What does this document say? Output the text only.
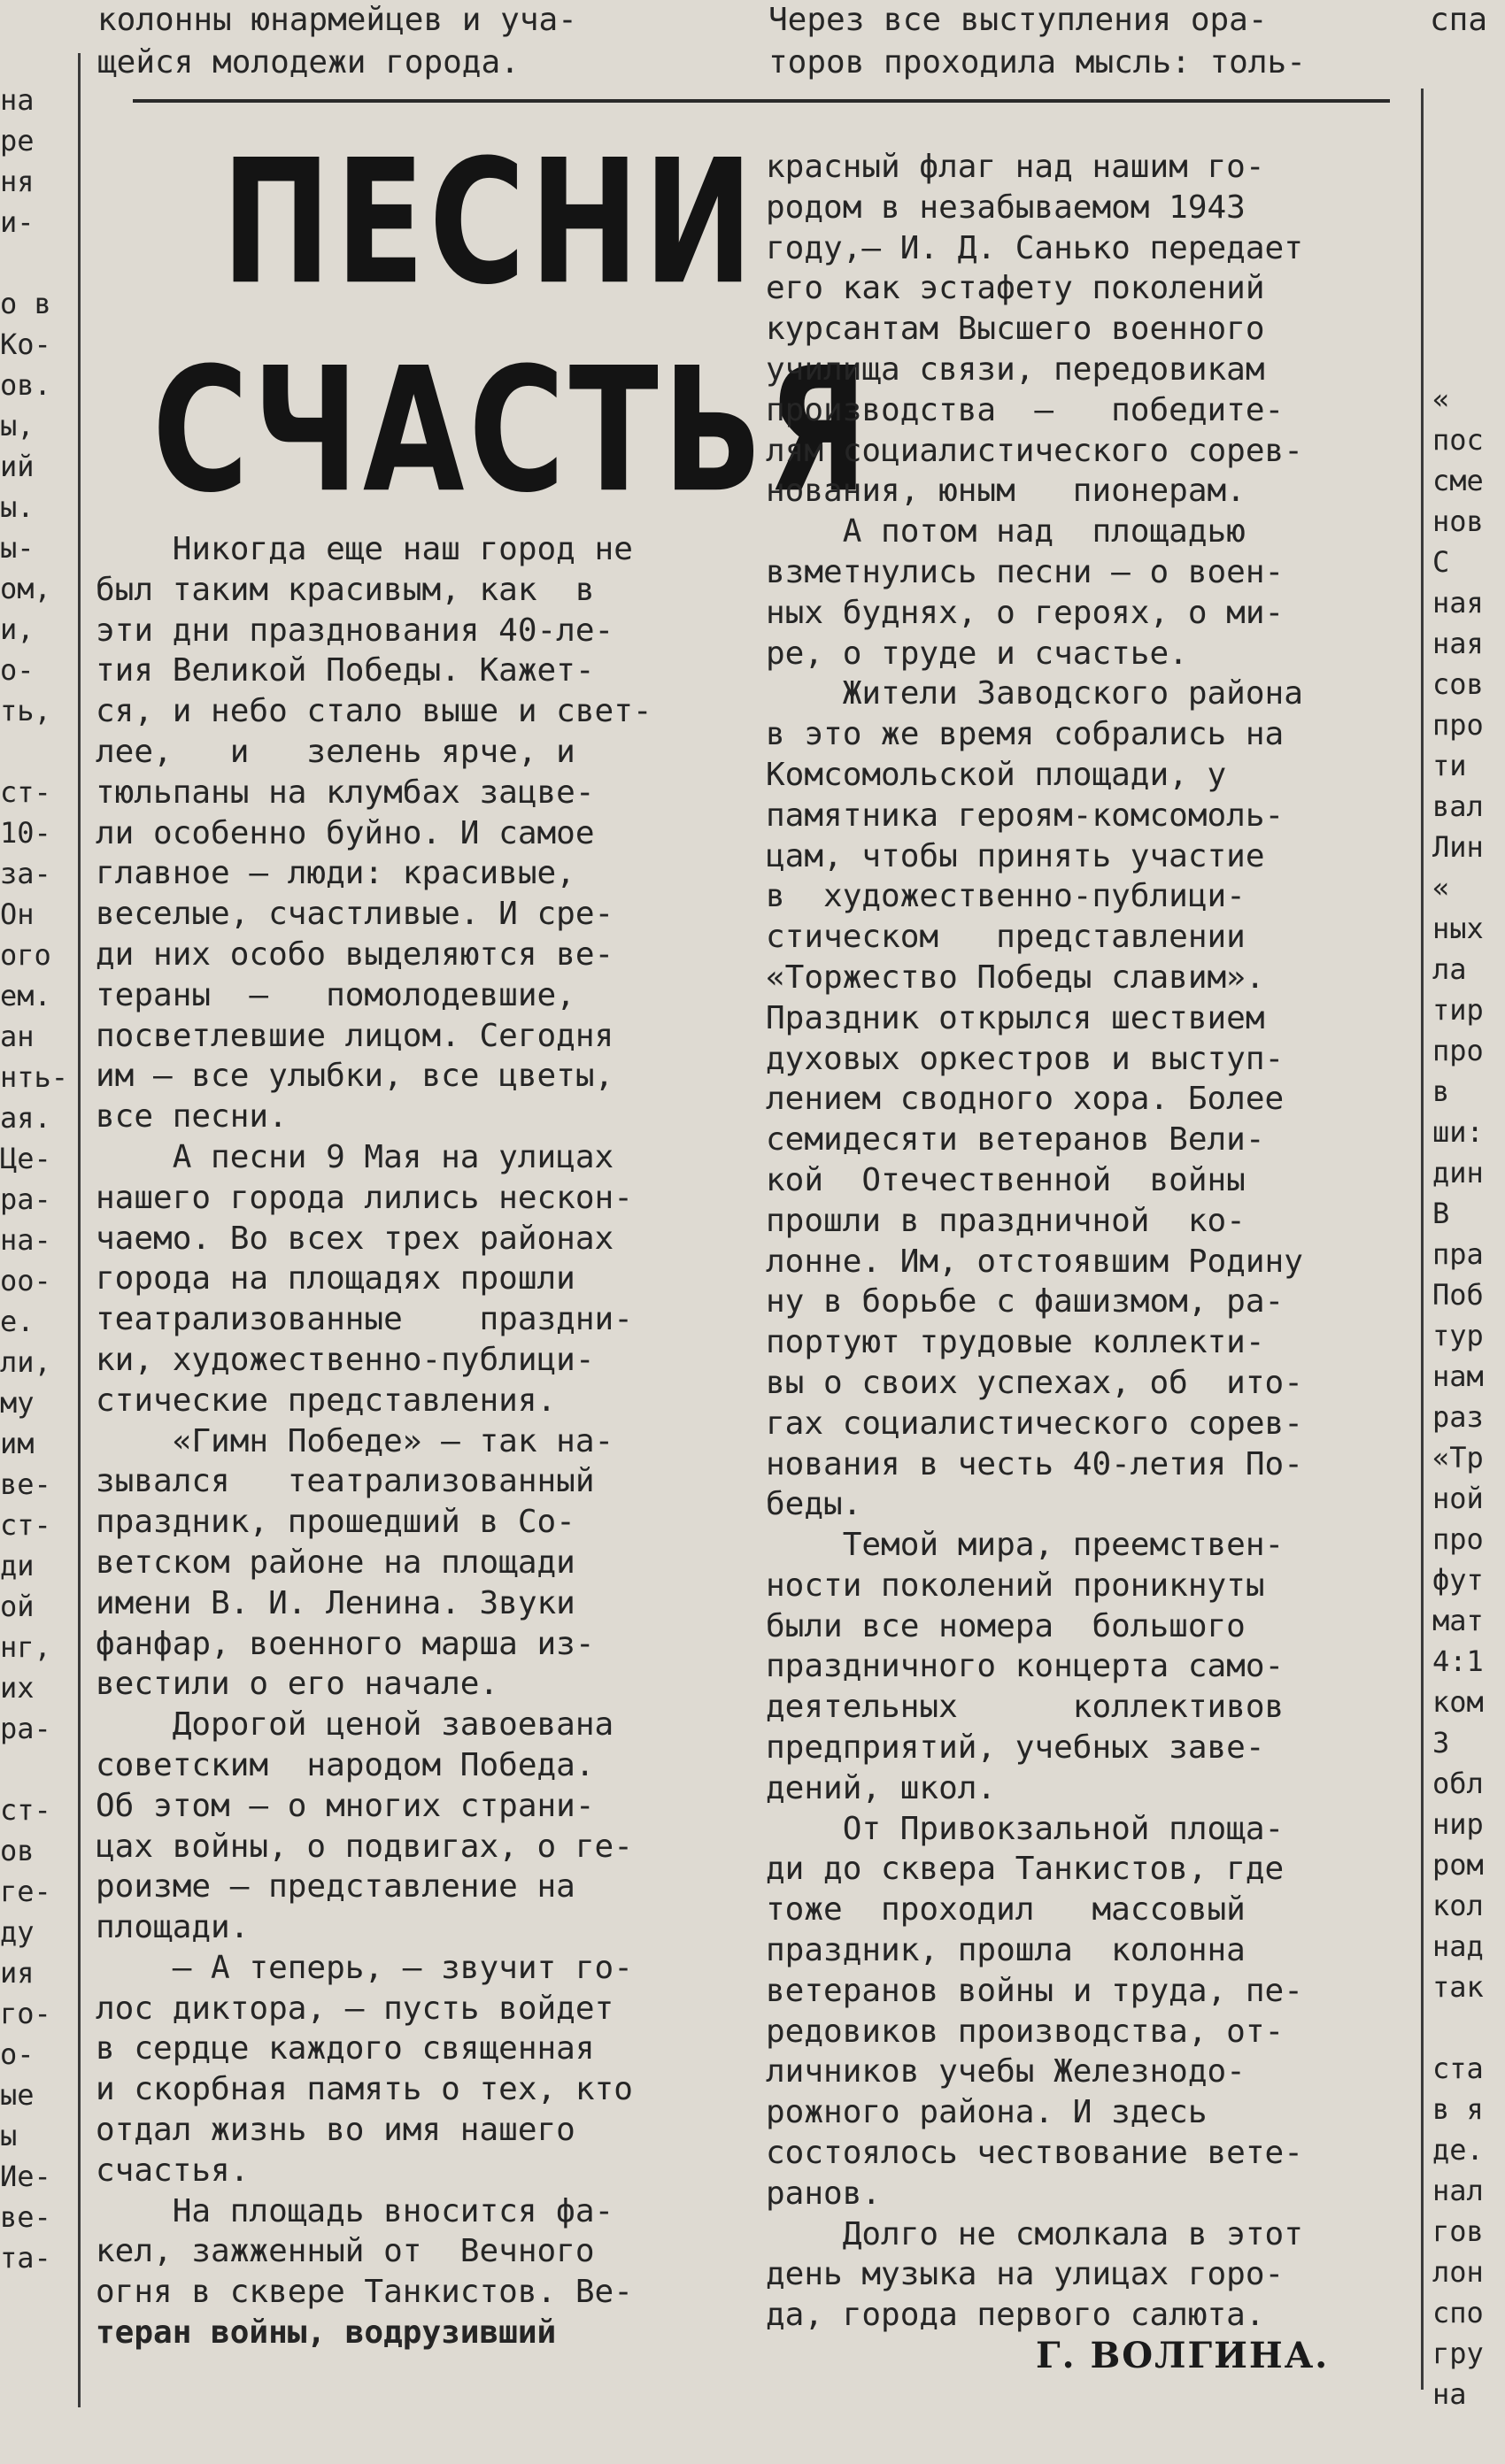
колонны юнармейцев и уча-
щейся молодежи города.
Через все выступления ора-
торов проходила мысль: толь-
спа
на
ре
ня
и-
о в
Ко-
ов.
ы,
ий
ы.
ы-
ом,
и,
о-
ть,
ст-
10-
за-
Он
ого
ем.
ан
нть-
ая.
Це-
ра-
на-
оо-
е.
ли,
му
им
ве-
ст-
ди
ой
нг,
их
ра-
ст-
ов
ге-
ду
ия
го-
о-
ые
ы
Ие-
ве-
та-
«
пос
сме
нов
С
ная
ная
сов
про
ти
вал
Лин
«
ных
ла
тир
про
в
ши:
дин
В
пра
Поб
тур
нам
раз
«Тр
ной
про
фут
мат
4:1
ком
З
обл
нир
ром
кол
над
так
ста
в я
де.
нал
гов
лон
спо
гру
на
ПЕСНИ
СЧАСТЬЯ
Никогда еще наш город не
был таким красивым, как  в
эти дни празднования 40-ле-
тия Великой Победы. Кажет-
ся, и небо стало выше и свет-
лее,   и   зелень ярче, и
тюльпаны на клумбах зацве-
ли особенно буйно. И самое
главное — люди: красивые,
веселые, счастливые. И сре-
ди них особо выделяются ве-
тераны  —   помолодевшие,
посветлевшие лицом. Сегодня
им — все улыбки, все цветы,
все песни.
А песни 9 Мая на улицах
нашего города лились нескон-
чаемо. Во всех трех районах
города на площадях прошли
театрализованные    праздни-
ки, художественно-публици-
стические представления.
«Гимн Победе» — так на-
зывался   театрализованный
праздник, прошедший в Со-
ветском районе на площади
имени В. И. Ленина. Звуки
фанфар, военного марша из-
вестили о его начале.
Дорогой ценой завоевана
советским  народом Победа.
Об этом — о многих страни-
цах войны, о подвигах, о ге-
роизме — представление на
площади.
— А теперь, — звучит го-
лос диктора, — пусть войдет
в сердце каждого священная
и скорбная память о тех, кто
отдал жизнь во имя нашего
счастья.
На площадь вносится фа-
кел, зажженный от  Вечного
огня в сквере Танкистов. Ве-
теран войны, водрузивший
красный флаг над нашим го-
родом в незабываемом 1943
году,— И. Д. Санько передает
его как эстафету поколений
курсантам Высшего военного
училища связи, передовикам
производства  —   победите-
лям социалистического сорев-
нования, юным   пионерам.
А потом над  площадью
взметнулись песни — о воен-
ных буднях, о героях, о ми-
ре, о труде и счастье.
Жители Заводского района
в это же время собрались на
Комсомольской площади, у
памятника героям-комсомоль-
цам, чтобы принять участие
в  художественно-публици-
стическом   представлении
«Торжество Победы славим».
Праздник открылся шествием
духовых оркестров и выступ-
лением сводного хора. Более
семидесяти ветеранов Вели-
кой  Отечественной  войны
прошли в праздничной  ко-
лонне. Им, отстоявшим Родину
ну в борьбе с фашизмом, ра-
портуют трудовые коллекти-
вы о своих успехах, об  ито-
гах социалистического сорев-
нования в честь 40-летия По-
беды.
Темой мира, преемствен-
ности поколений проникнуты
были все номера  большого
праздничного концерта само-
деятельных      коллективов
предприятий, учебных заве-
дений, школ.
От Привокзальной площа-
ди до сквера Танкистов, где
тоже  проходил   массовый
праздник, прошла  колонна
ветеранов войны и труда, пе-
редовиков производства, от-
личников учебы Железнодо-
рожного района. И здесь
состоялось чествование вете-
ранов.
Долго не смолкала в этот
день музыка на улицах горо-
да, города первого салюта.
Г. ВОЛГИНА.
